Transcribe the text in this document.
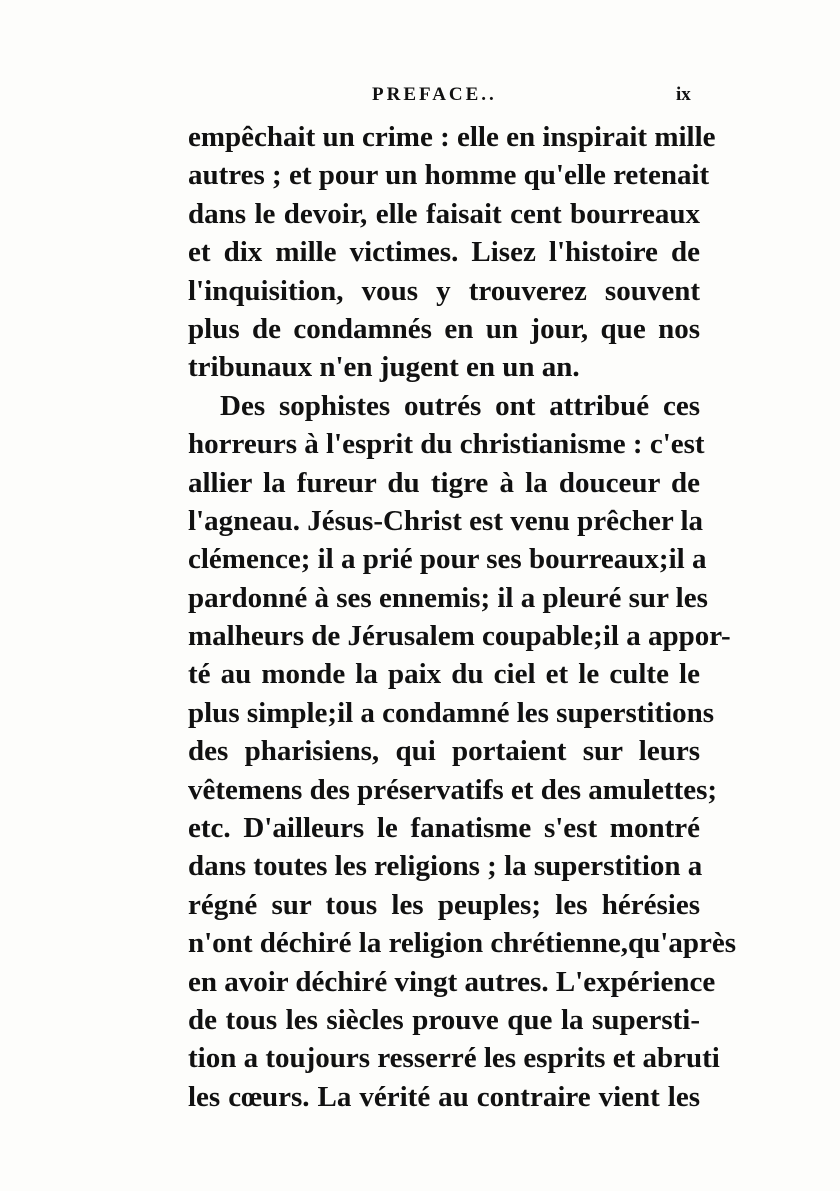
PREFACE..	ix
empêchait un crime : elle en inspirait mille
autres ; et pour un homme qu'elle retenait
dans le devoir, elle faisait cent bourreaux
et dix mille victimes. Lisez l'histoire de
l'inquisition, vous y trouverez souvent
plus de condamnés en un jour, que nos
tribunaux n'en jugent en un an.
Des sophistes outrés ont attribué ces
horreurs à l'esprit du christianisme : c'est
allier la fureur du tigre à la douceur de
l'agneau. Jésus-Christ est venu prêcher la
clémence; il a prié pour ses bourreaux;il a
pardonné à ses ennemis; il a pleuré sur les
malheurs de Jérusalem coupable;il a appor-
té au monde la paix du ciel et le culte le
plus simple;il a condamné les superstitions
des pharisiens, qui portaient sur leurs
vêtemens des préservatifs et des amulettes;
etc. D'ailleurs le fanatisme s'est montré
dans toutes les religions ; la superstition a
régné sur tous les peuples; les hérésies
n'ont déchiré la religion chrétienne,qu'après
en avoir déchiré vingt autres. L'expérience
de tous les siècles prouve que la supersti-
tion a toujours resserré les esprits et abruti
les cœurs. La vérité au contraire vient les
